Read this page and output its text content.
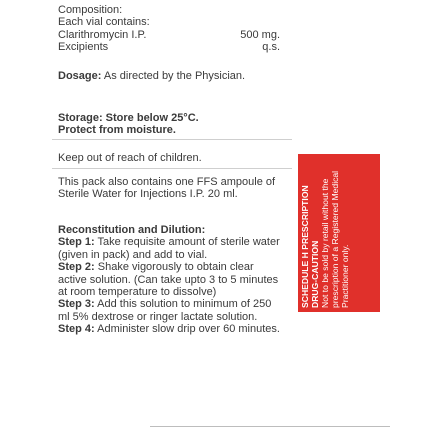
Composition:
Each vial contains:
Clarithromycin I.P.	500 mg.
Excipients	q.s.
Dosage: As directed by the Physician.
Storage: Store below 25°C.
Protect from moisture.
Keep out of reach of children.
This pack also contains one FFS ampoule of Sterile Water for Injections I.P. 20 ml.
Reconstitution and Dilution:
Step 1: Take requisite amount of sterile water (given in pack) and add to vial.
Step 2: Shake vigorously to obtain clear active solution. (Can take upto 3 to 5 minutes at room temperature to dissolve)
Step 3: Add this solution to minimum of 250 ml 5% dextrose or ringer lactate solution.
Step 4: Administer slow drip over 60 minutes.
SCHEDULE H PRESCRIPTION DRUG-CAUTION Not to be sold by retail without the prescription of a Registered Medical Practitioner only.
